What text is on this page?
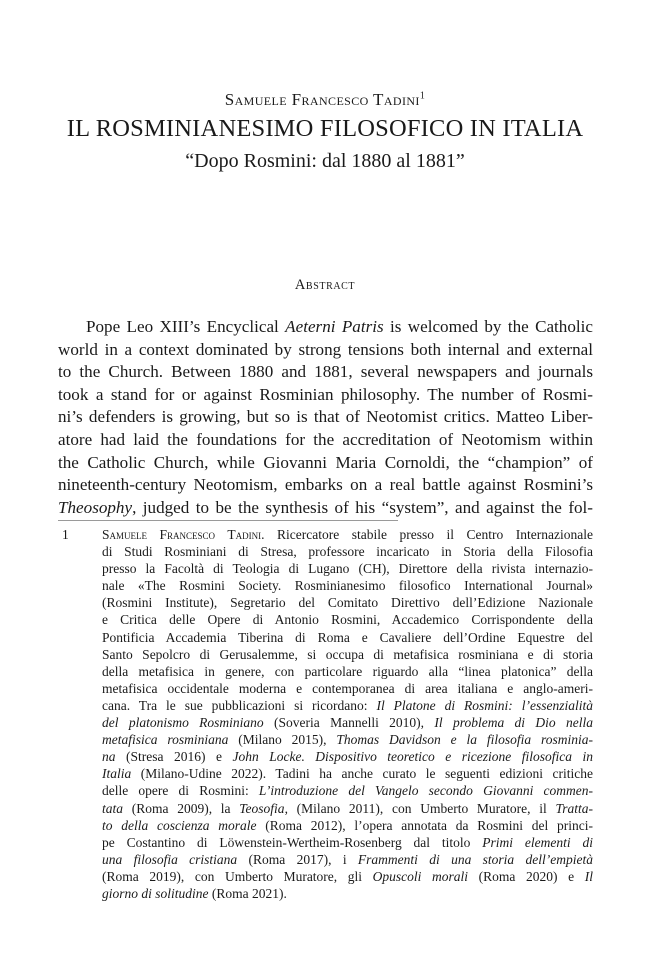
Samuele Francesco Tadini$^1$
IL ROSMINIANESIMO FILOSOFICO IN ITALIA
“Dopo Rosmini: dal 1880 al 1881”
Abstract
Pope Leo XIII’s Encyclical Aeterni Patris is welcomed by the Catholic
world in a context dominated by strong tensions both internal and external
to the Church. Between 1880 and 1881, several newspapers and journals
took a stand for or against Rosminian philosophy. The number of Rosmi-
ni’s defenders is growing, but so is that of Neotomist critics. Matteo Liber-
atore had laid the foundations for the accreditation of Neotomism within
the Catholic Church, while Giovanni Maria Cornoldi, the “champion” of
nineteenth-century Neotomism, embarks on a real battle against Rosmini’s
Theosophy, judged to be the synthesis of his “system”, and against the fol-
1 Samuele Francesco Tadini. Ricercatore stabile presso il Centro Internazionale
di Studi Rosminiani di Stresa, professore incaricato in Storia della Filosofia
presso la Facoltà di Teologia di Lugano (CH), Direttore della rivista internazio-
nale «The Rosmini Society. Rosminianesimo filosofico International Journal»
(Rosmini Institute), Segretario del Comitato Direttivo dell’Edizione Nazionale
e Critica delle Opere di Antonio Rosmini, Accademico Corrispondente della
Pontificia Accademia Tiberina di Roma e Cavaliere dell’Ordine Equestre del
Santo Sepolcro di Gerusalemme, si occupa di metafisica rosminiana e di storia
della metafisica in genere, con particolare riguardo alla “linea platonica” della
metafisica occidentale moderna e contemporanea di area italiana e anglo-ameri-
cana. Tra le sue pubblicazioni si ricordano: Il Platone di Rosmini: l’essenzialità
del platonismo Rosminiano (Soveria Mannelli 2010), Il problema di Dio nella
metafisica rosminiana (Milano 2015), Thomas Davidson e la filosofia rosminia-
na (Stresa 2016) e John Locke. Dispositivo teoretico e ricezione filosofica in
Italia (Milano-Udine 2022). Tadini ha anche curato le seguenti edizioni critiche
delle opere di Rosmini: L’introduzione del Vangelo secondo Giovanni commen-
tata (Roma 2009), la Teosofia, (Milano 2011), con Umberto Muratore, il Tratta-
to della coscienza morale (Roma 2012), l’opera annotata da Rosmini del princi-
pe Costantino di Löwenstein-Wertheim-Rosenberg dal titolo Primi elementi di
una filosofia cristiana (Roma 2017), i Frammenti di una storia dell’empietà
(Roma 2019), con Umberto Muratore, gli Opuscoli morali (Roma 2020) e Il
giorno di solitudine (Roma 2021).
